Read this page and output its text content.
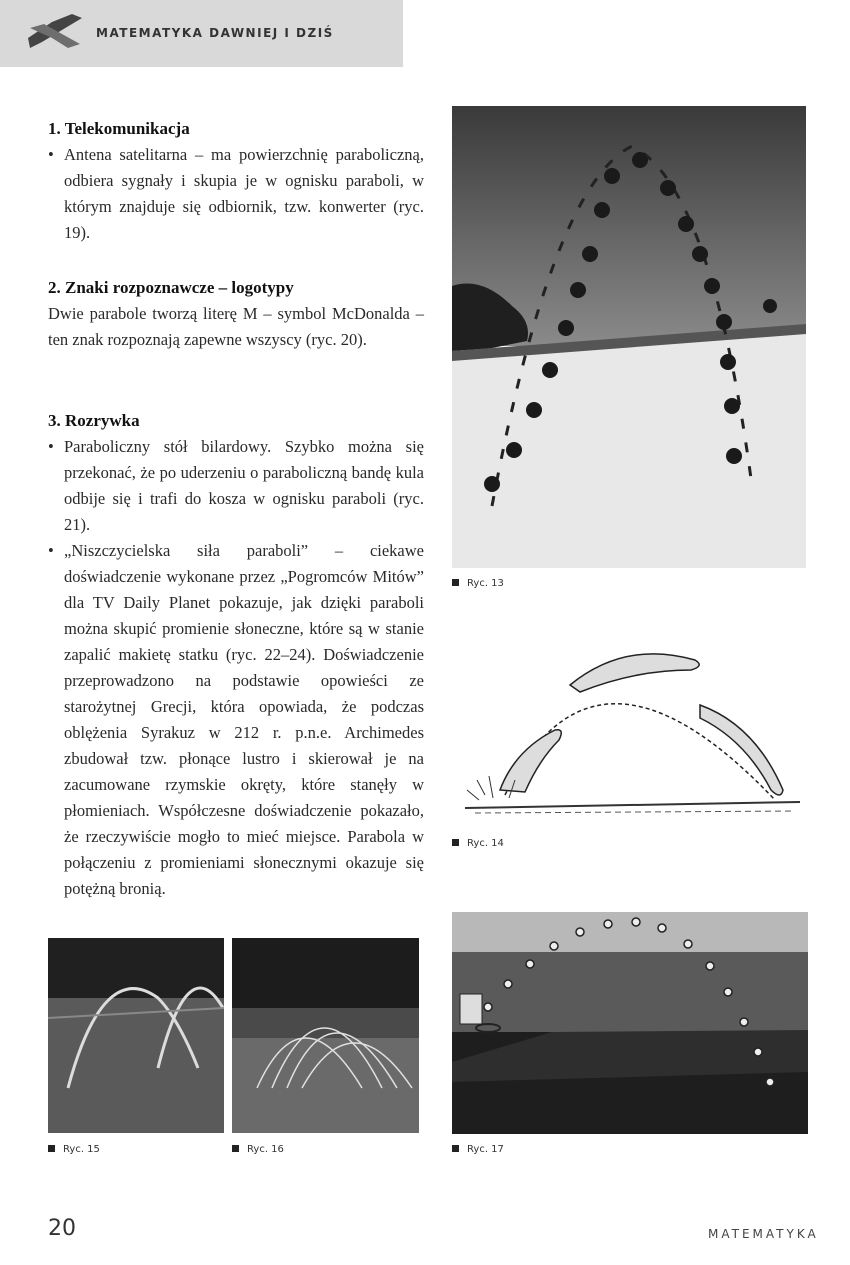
MATEMATYKA DAWNIEJ I DZIŚ

1. Telekomunikacja

• Antena satelitarna – ma powierzchnię paraboliczną, odbiera sygnały i skupia je w ognisku paraboli, w którym znajduje się odbiornik, tzw. konwerter (ryc. 19).

2. Znaki rozpoznawcze – logotypy

Dwie parabole tworzą literę M – symbol McDonalda – ten znak rozpoznają zapewne wszyscy (ryc. 20).

3. Rozrywka

• Paraboliczny stół bilardowy. Szybko można się przekonać, że po uderzeniu o paraboliczną bandę kula odbije się i trafi do kosza w ognisku paraboli (ryc. 21).
• „Niszczycielska siła paraboli” – ciekawe doświadczenie wykonane przez „Pogromców Mitów” dla TV Daily Planet pokazuje, jak dzięki paraboli można skupić promienie słoneczne, które są w stanie zapalić makietę statku (ryc. 22–24). Doświadczenie przeprowadzono na podstawie opowieści ze starożytnej Grecji, która opowiada, że podczas oblężenia Syrakuz w 212 r. p.n.e. Archimedes zbudował tzw. płonące lustro i skierował je na zacumowane rzymskie okręty, które stanęły w płomieniach. Współczesne doświadczenie pokazało, że rzeczywiście mogło to mieć miejsce. Parabola w połączeniu z promieniami słonecznymi okazuje się potężną bronią.
Ryc. 13
Ryc. 14
Ryc. 15	Ryc. 16	Ryc. 17
20	MATEMATYKA
